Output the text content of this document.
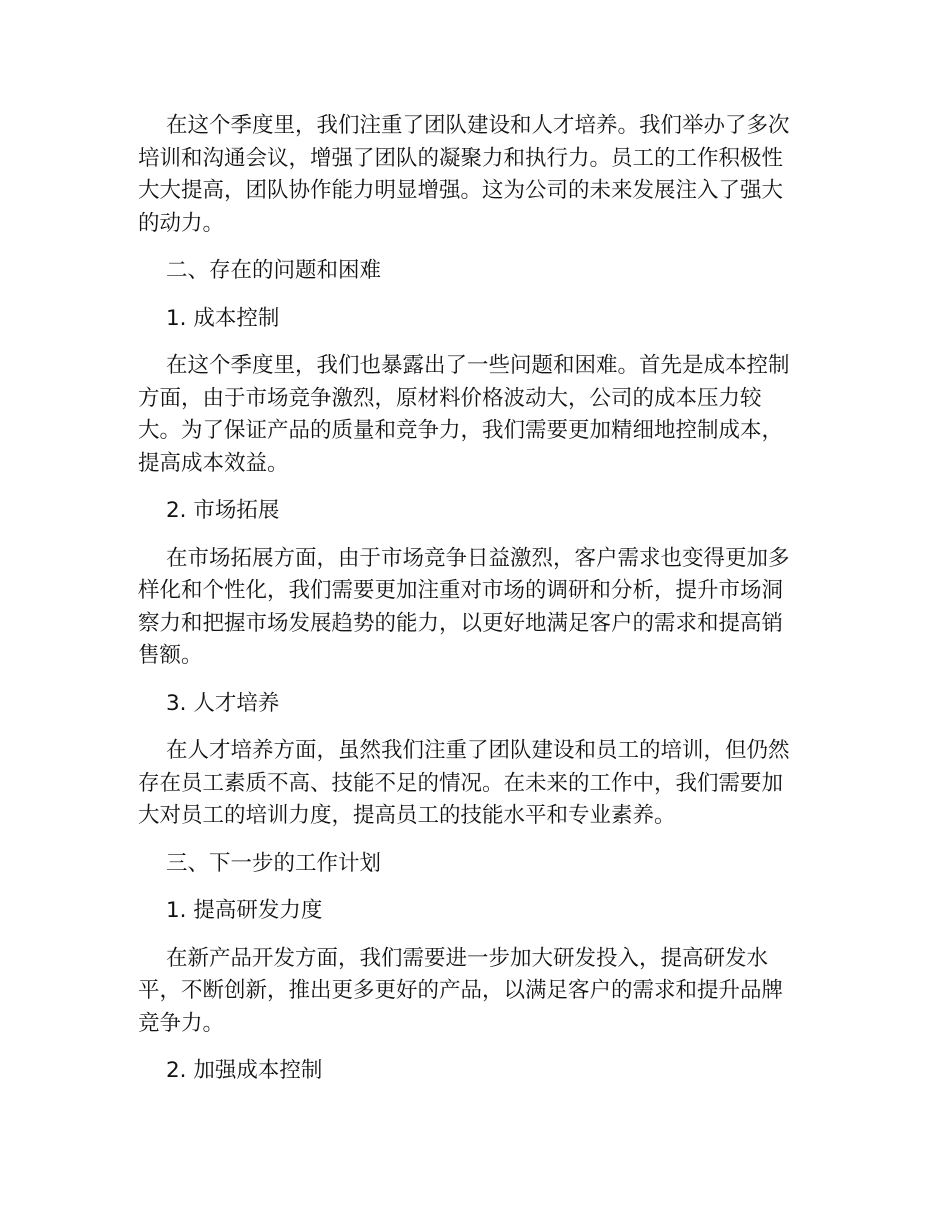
在这个季度里，我们注重了团队建设和人才培养。我们举办了多次培训和沟通会议，增强了团队的凝聚力和执行力。员工的工作积极性大大提高，团队协作能力明显增强。这为公司的未来发展注入了强大的动力。

二、存在的问题和困难

1. 成本控制

在这个季度里，我们也暴露出了一些问题和困难。首先是成本控制方面，由于市场竞争激烈，原材料价格波动大，公司的成本压力较大。为了保证产品的质量和竞争力，我们需要更加精细地控制成本，提高成本效益。

2. 市场拓展

在市场拓展方面，由于市场竞争日益激烈，客户需求也变得更加多样化和个性化，我们需要更加注重对市场的调研和分析，提升市场洞察力和把握市场发展趋势的能力，以更好地满足客户的需求和提高销售额。

3. 人才培养

在人才培养方面，虽然我们注重了团队建设和员工的培训，但仍然存在员工素质不高、技能不足的情况。在未来的工作中，我们需要加大对员工的培训力度，提高员工的技能水平和专业素养。

三、下一步的工作计划

1. 提高研发力度

在新产品开发方面，我们需要进一步加大研发投入，提高研发水平，不断创新，推出更多更好的产品，以满足客户的需求和提升品牌竞争力。

2. 加强成本控制
